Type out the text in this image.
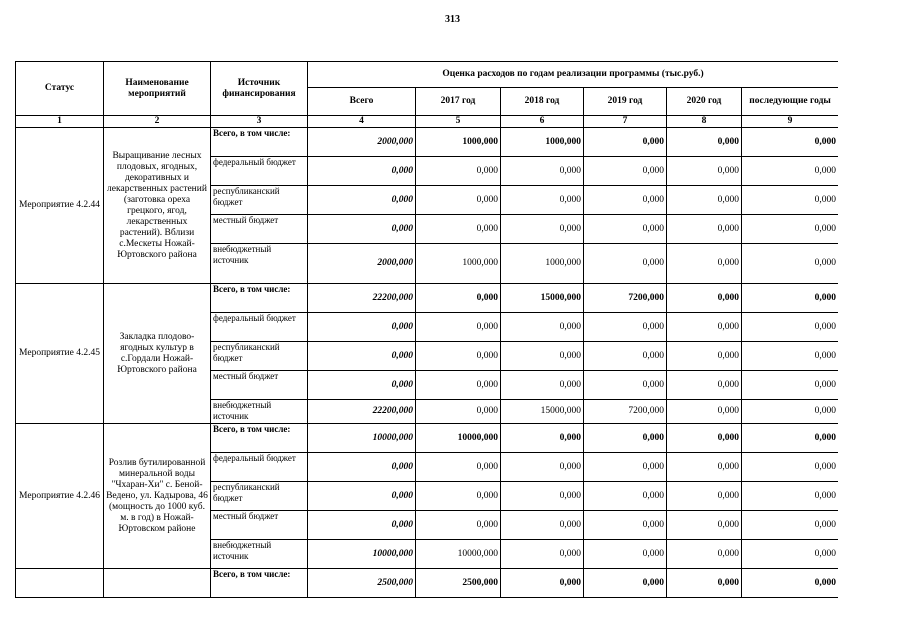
313
Статус	Наименование мероприятий	Источник финансирования	Оценка расходов по годам реализации программы (тыс.руб.)					
			Всего	2017 год	2018 год	2019 год	2020 год	последующие годы
1	2	3	4	5	6	7	8	9
Мероприятие 4.2.44	Выращивание лесных плодовых, ягодных, декоративных и лекарственных растений (заготовка ореха грецкого, ягод, лекарственных растений). Вблизи с.Мескеты Ножай-Юртовского района	Всего, в том числе:	2000,000	1000,000	1000,000	0,000	0,000	0,000
		федеральный бюджет	0,000	0,000	0,000	0,000	0,000	0,000
		республиканский бюджет	0,000	0,000	0,000	0,000	0,000	0,000
		местный бюджет	0,000	0,000	0,000	0,000	0,000	0,000
		внебюджетный источник	2000,000	1000,000	1000,000	0,000	0,000	0,000
Мероприятие 4.2.45	Закладка плодово-ягодных культур в с.Гордали Ножай-Юртовского района	Всего, в том числе:	22200,000	0,000	15000,000	7200,000	0,000	0,000
		федеральный бюджет	0,000	0,000	0,000	0,000	0,000	0,000
		республиканский бюджет	0,000	0,000	0,000	0,000	0,000	0,000
		местный бюджет	0,000	0,000	0,000	0,000	0,000	0,000
		внебюджетный источник	22200,000	0,000	15000,000	7200,000	0,000	0,000
Мероприятие 4.2.46	Розлив бутилированной минеральной воды "Чхаран-Хи" с. Беной-Ведено, ул. Кадырова, 46 (мощность до 1000 куб. м. в год) в Ножай-Юртовском районе	Всего, в том числе:	10000,000	10000,000	0,000	0,000	0,000	0,000
		федеральный бюджет	0,000	0,000	0,000	0,000	0,000	0,000
		республиканский бюджет	0,000	0,000	0,000	0,000	0,000	0,000
		местный бюджет	0,000	0,000	0,000	0,000	0,000	0,000
		внебюджетный источник	10000,000	10000,000	0,000	0,000	0,000	0,000
		Всего, в том числе:	2500,000	2500,000	0,000	0,000	0,000	0,000
